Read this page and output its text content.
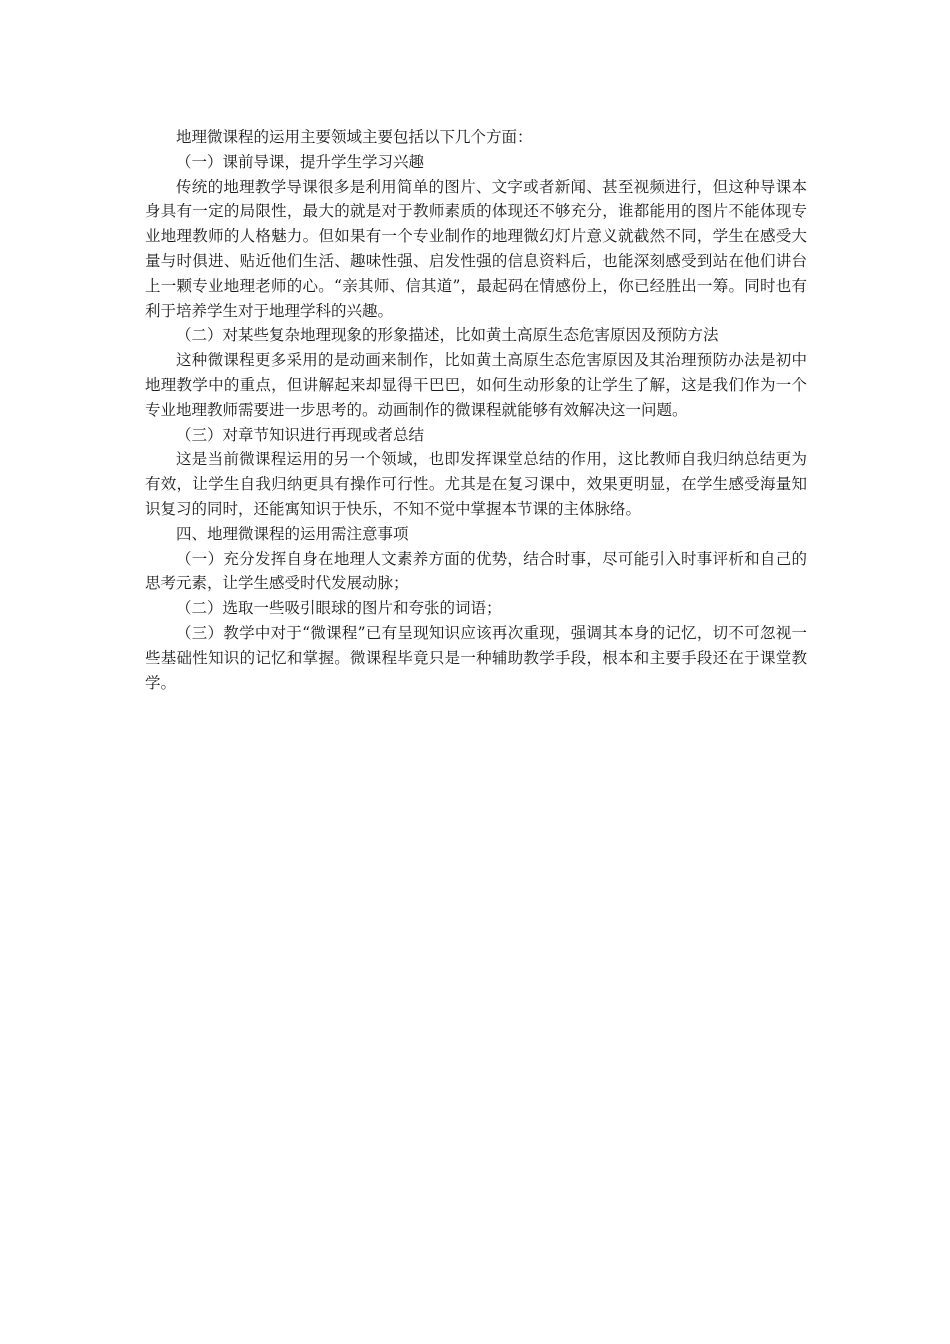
地理微课程的运用主要领域主要包括以下几个方面：

（一）课前导课，提升学生学习兴趣

传统的地理教学导课很多是利用简单的图片、文字或者新闻、甚至视频进行，但这种导课本身具有一定的局限性，最大的就是对于教师素质的体现还不够充分，谁都能用的图片不能体现专业地理教师的人格魅力。但如果有一个专业制作的地理微幻灯片意义就截然不同，学生在感受大量与时俱进、贴近他们生活、趣味性强、启发性强的信息资料后，也能深刻感受到站在他们讲台上一颗专业地理老师的心。“亲其师、信其道”，最起码在情感份上，你已经胜出一筹。同时也有利于培养学生对于地理学科的兴趣。

（二）对某些复杂地理现象的形象描述，比如黄土高原生态危害原因及预防方法

这种微课程更多采用的是动画来制作，比如黄土高原生态危害原因及其治理预防办法是初中地理教学中的重点，但讲解起来却显得干巴巴，如何生动形象的让学生了解，这是我们作为一个专业地理教师需要进一步思考的。动画制作的微课程就能够有效解决这一问题。

（三）对章节知识进行再现或者总结

这是当前微课程运用的另一个领域，也即发挥课堂总结的作用，这比教师自我归纳总结更为有效，让学生自我归纳更具有操作可行性。尤其是在复习课中，效果更明显，在学生感受海量知识复习的同时，还能寓知识于快乐，不知不觉中掌握本节课的主体脉络。

四、地理微课程的运用需注意事项

（一）充分发挥自身在地理人文素养方面的优势，结合时事，尽可能引入时事评析和自己的思考元素，让学生感受时代发展动脉；

（二）选取一些吸引眼球的图片和夸张的词语；

（三）教学中对于“微课程”已有呈现知识应该再次重现，强调其本身的记忆，切不可忽视一些基础性知识的记忆和掌握。微课程毕竟只是一种辅助教学手段，根本和主要手段还在于课堂教学。
